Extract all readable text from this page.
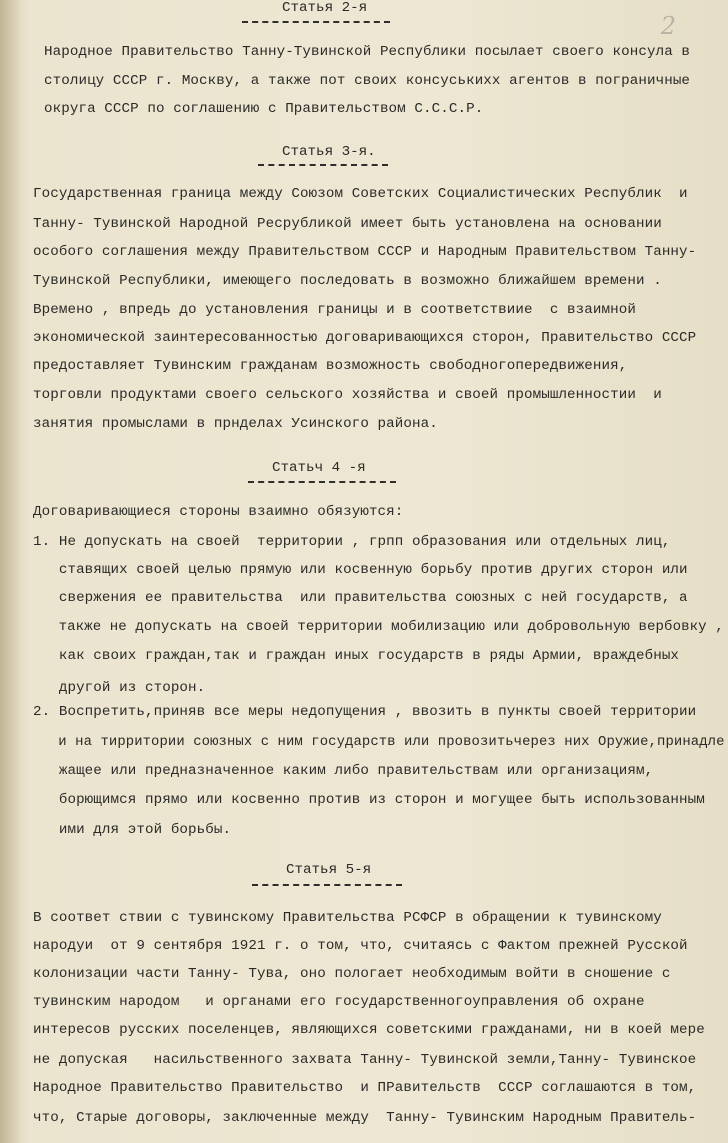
2
Статья 2-я
Народное Правительство Танну-Тувинской Республики посылает своего консула в
столицу СССР г. Москву, а также пот своих консуськихх агентов в пограничные
округа СССР по соглашению с Правительством С.С.С.Р.
Статья 3-я.
Государственная граница между Союзом Советских Социалистических Республик  и
Танну- Тувинской Народной Ресрубликой имеет быть установлена на основании
особого соглашения между Правительством СССР и Народным Правительством Танну-
Тувинской Республики, имеющего последовать в возможно ближайшем времени .
Времено , впредь до установления границы и в соответствиие  с взаимной
экономической заинтересованностью договаривающихся сторон, Правительство СССР
предоставляет Тувинским гражданам возможность свободногопередвижения,
торговли продуктами своего сельского хозяйства и своей промышленностии  и
занятия промыслами в прнделах Усинского района.
Статьч 4 -я
Договаривающиеся стороны взаимно обязуются:
1. Не допускать на своей  территории , грпп образования или отдельных лиц,
ставящих своей целью прямую или косвенную борьбу против других сторон или
свержения ее правительства  или правительства союзных с ней государств, а
также не допускать на своей территории мобилизацию или добровольную вербовку ,
как своих граждан,так и граждан иных государств в ряды Армии, враждебных
другой из сторон.
2. Воспретить,приняв все меры недопущения , ввозить в пункты своей территории
и на тирритории союзных с ним государств или провозитьчерез них Оружие,принадле
жащее или предназначенное каким либо правительствам или организациям,
борющимся прямо или косвенно против из сторон и могущее быть использованным
ими для этой борьбы.
Статья 5-я
В соответ ствии с тувинскому Правительства РСФСР в обращении к тувинскому
народуи  от 9 сентября 1921 г. о том, что, считаясь с Фактом прежней Русской
колонизации части Танну- Тува, оно пологает необходимым войти в сношение с
тувинским народом   и органами его государственногоуправления об охране
интересов русских поселенцев, являющихся советскими гражданами, ни в коей мере
не допуская   насильственного захвата Танну- Тувинской земли,Танну- Тувинское
Народное Правительство Правительство  и ПРавительств  СССР соглашаются в том,
что, Старые договоры, заключенные между  Танну- Тувинским Народным Правитель-
